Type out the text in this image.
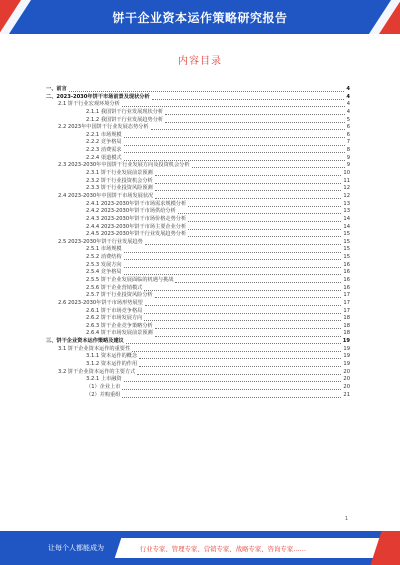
饼干企业资本运作策略研究报告
内容目录
一、前言	4
二、2023-2030年饼干市场前景及现状分析	4
2.1 饼干行业宏观环境分析	4
2.1.1 我国饼干行业发展现状分析	4
2.1.2 我国饼干行业发展趋势分析	5
2.2 2023年中国饼干行业发展态势分析	6
2.2.1 市场规模	6
2.2.2 竞争格局	7
2.2.3 消费需求	8
2.2.4 渠道模式	9
2.3 2023-2030年中国饼干行业发展方向及投资机会分析	9
2.3.1 饼干行业发展前景预测	10
2.3.2 饼干行业投资机会分析	11
2.3.3 饼干行业投资风险预测	12
2.4 2023-2030年中国饼干市场发展状况	12
2.4.1 2023-2030年饼干市场需求规模分析	13
2.4.2 2023-2030年饼干市场供给分析	13
2.4.3 2023-2030年饼干市场价格走势分析	14
2.4.4 2023-2030年饼干市场主要企业分析	14
2.4.5 2023-2030年饼干行业发展趋势分析	15
2.5 2023-2030年饼干行业发展趋势	15
2.5.1 市场规模	15
2.5.2 消费结构	15
2.5.3 发展方向	16
2.5.4 竞争格局	16
2.5.5 饼干企业发展面临的机遇与挑战	16
2.5.6 饼干企业营销模式	16
2.5.7 饼干行业投资风险分析	17
2.6 2023-2030年饼干市场形势展望	17
2.6.1 饼干市场竞争格局	17
2.6.2 饼干市场发展方向	18
2.6.3 饼干企业竞争策略分析	18
2.6.4 饼干市场发展前景预测	18
三、饼干企业资本运作策略及建议	19
3.1 饼干企业资本运作的重要性	19
3.1.1 资本运作的概念	19
3.1.2 资本运作的作用	19
3.2 饼干企业资本运作的主要方式	20
3.2.1 上市融资	20
（1）企业上市	20
（2）并购重组	21
1
让每个人都能成为	行业专家、管理专家、营销专家、战略专家、咨询专家……
